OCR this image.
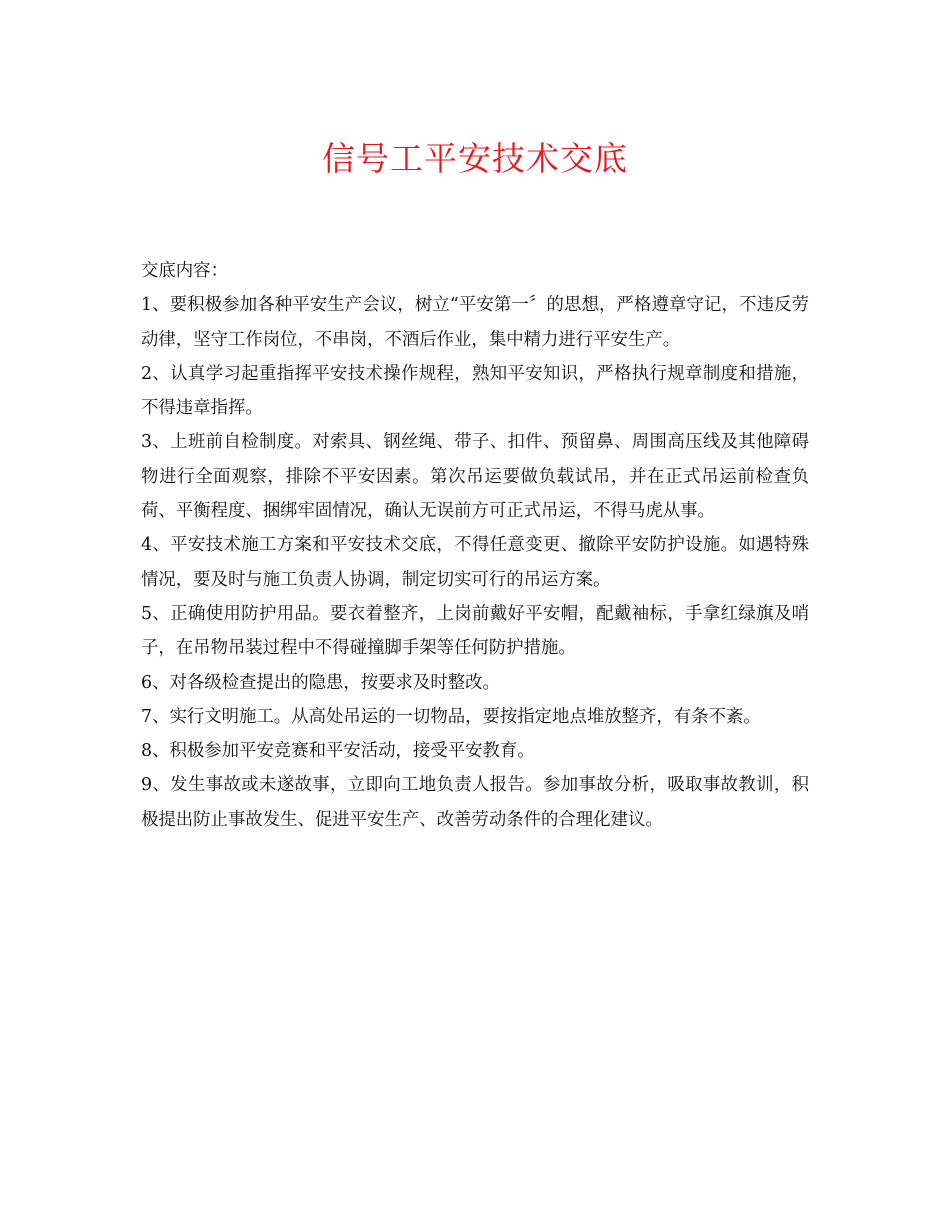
信号工平安技术交底

交底内容：

1、要积极参加各种平安生产会议，树立“平安第一〞的思想，严格遵章守记，不违反劳动律，坚守工作岗位，不串岗，不酒后作业，集中精力进行平安生产。

2、认真学习起重指挥平安技术操作规程，熟知平安知识，严格执行规章制度和措施，不得违章指挥。

3、上班前自检制度。对索具、钢丝绳、带子、扣件、预留鼻、周围高压线及其他障碍物进行全面观察，排除不平安因素。第次吊运要做负载试吊，并在正式吊运前检查负荷、平衡程度、捆绑牢固情况，确认无误前方可正式吊运，不得马虎从事。

4、平安技术施工方案和平安技术交底，不得任意变更、撤除平安防护设施。如遇特殊情况，要及时与施工负责人协调，制定切实可行的吊运方案。

5、正确使用防护用品。要衣着整齐，上岗前戴好平安帽，配戴袖标，手拿红绿旗及哨子，在吊物吊装过程中不得碰撞脚手架等任何防护措施。

6、对各级检查提出的隐患，按要求及时整改。

7、实行文明施工。从高处吊运的一切物品，要按指定地点堆放整齐，有条不紊。

8、积极参加平安竞赛和平安活动，接受平安教育。

9、发生事故或未遂故事，立即向工地负责人报告。参加事故分析，吸取事故教训，积极提出防止事故发生、促进平安生产、改善劳动条件的合理化建议。
